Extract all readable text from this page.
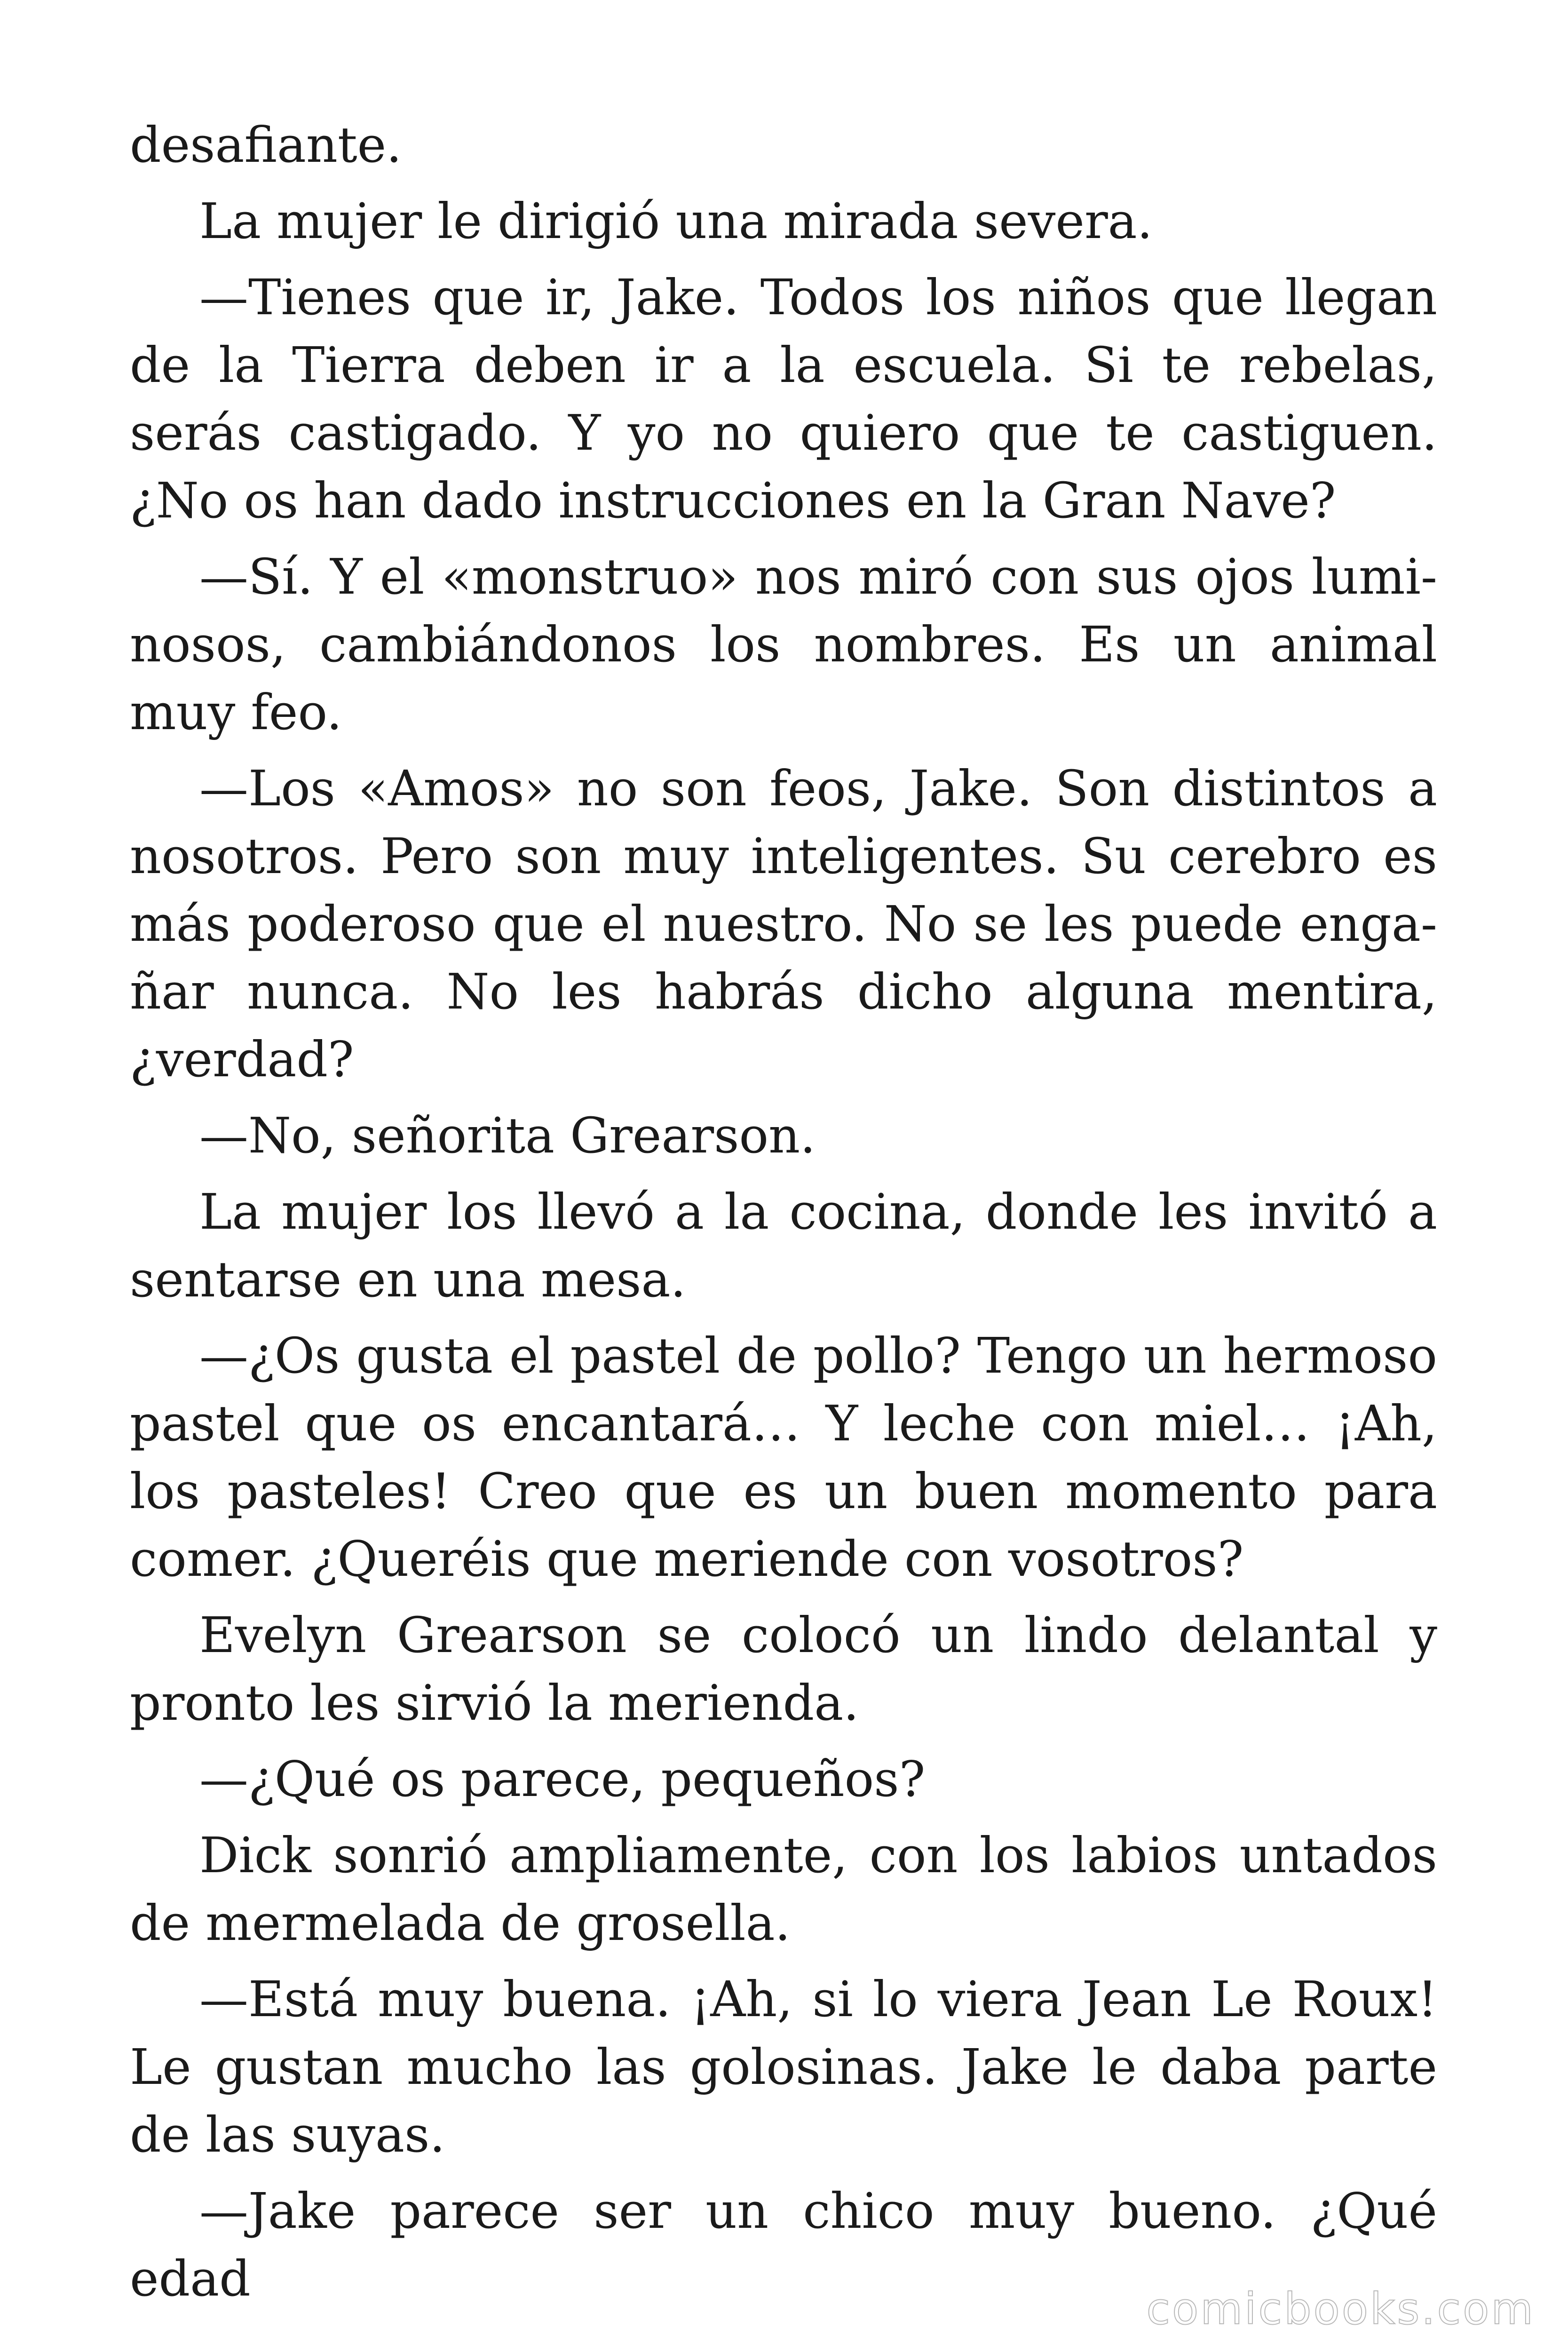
desafiante.

La mujer le dirigió una mirada severa.

—Tienes que ir, Jake. Todos los niños que llegan de la Tierra deben ir a la escuela. Si te rebelas, serás castigado. Y yo no quiero que te castiguen. ¿No os han dado instrucciones en la Gran Nave?

—Sí. Y el «monstruo» nos miró con sus ojos luminosos, cambiándonos los nombres. Es un animal muy feo.

—Los «Amos» no son feos, Jake. Son distintos a nosotros. Pero son muy inteligentes. Su cerebro es más poderoso que el nuestro. No se les puede engañar nunca. No les habrás dicho alguna mentira, ¿verdad?

—No, señorita Grearson.

La mujer los llevó a la cocina, donde les invitó a sentarse en una mesa.

—¿Os gusta el pastel de pollo? Tengo un hermoso pastel que os encantará… Y leche con miel… ¡Ah, los pasteles! Creo que es un buen momento para comer. ¿Queréis que meriende con vosotros?

Evelyn Grearson se colocó un lindo delantal y pronto les sirvió la merienda.

—¿Qué os parece, pequeños?

Dick sonrió ampliamente, con los labios untados de mermelada de grosella.

—Está muy buena. ¡Ah, si lo viera Jean Le Roux! Le gustan mucho las golosinas. Jake le daba parte de las suyas.

—Jake parece ser un chico muy bueno. ¿Qué edad

comicbooks.com
